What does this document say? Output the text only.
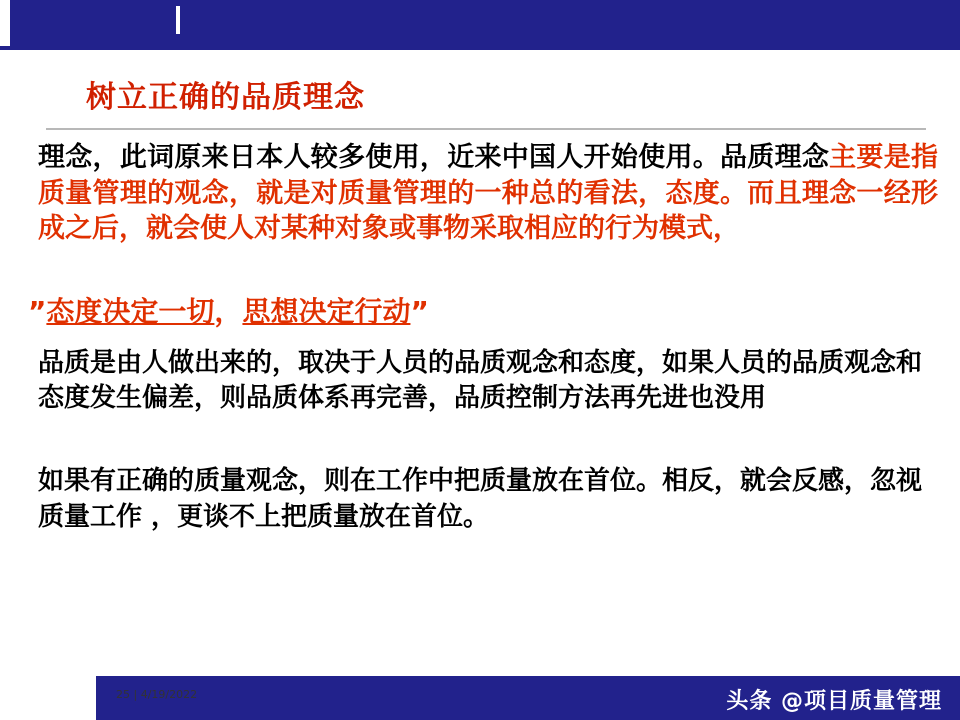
树立正确的品质理念
理念，此词原来日本人较多使用，近来中国人开始使用。品质理念主要是指质量管理的观念，就是对质量管理的一种总的看法，态度。而且理念一经形成之后，就会使人对某种对象或事物采取相应的行为模式，
”态度决定一切，思想决定行动”
品质是由人做出来的，取决于人员的品质观念和态度，如果人员的品质观念和态度发生偏差，则品质体系再完善，品质控制方法再先进也没用
如果有正确的质量观念，则在工作中把质量放在首位。相反，就会反感，忽视质量工作 ，更谈不上把质量放在首位。
25 | 4/19/2022	头条 @项目质量管理
